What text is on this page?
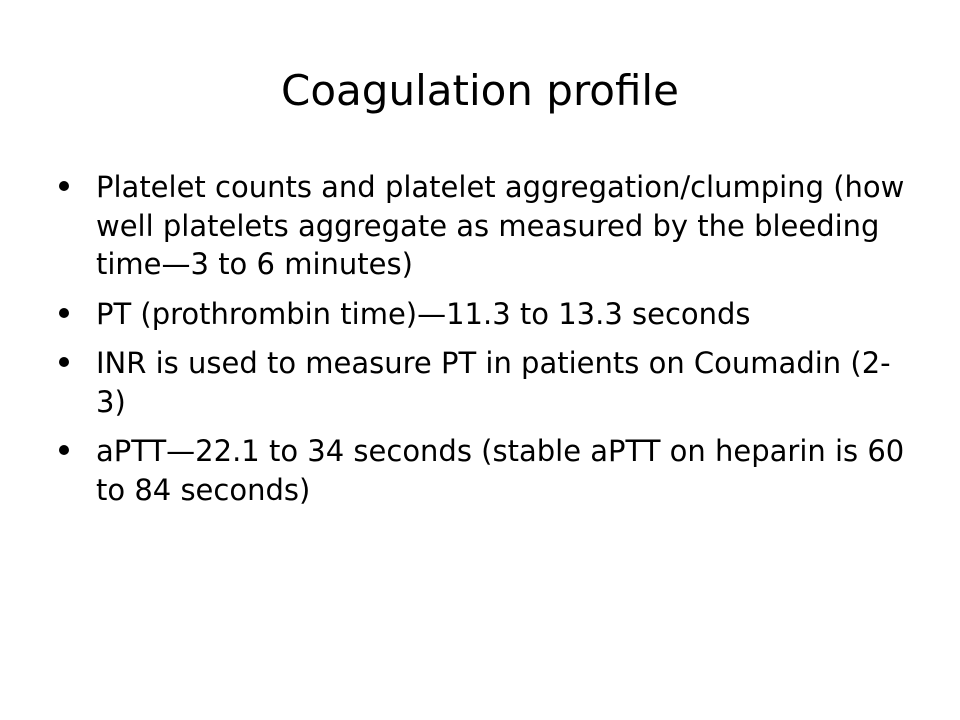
Coagulation profile
Platelet counts and platelet aggregation/clumping (how well platelets aggregate as measured by the bleeding time—3 to 6 minutes)
PT (prothrombin time)—11.3 to 13.3 seconds
INR is used to measure PT in patients on Coumadin (2-3)
aPTT—22.1 to 34 seconds (stable aPTT on heparin is 60 to 84 seconds)
